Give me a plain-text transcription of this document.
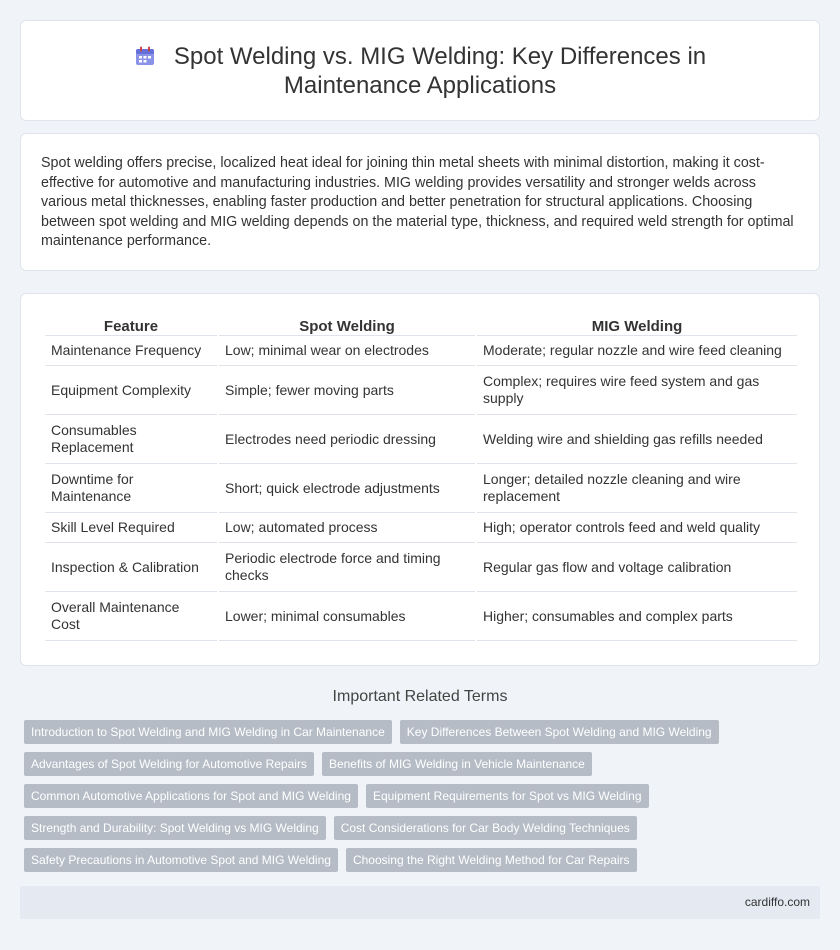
Spot Welding vs. MIG Welding: Key Differences in Maintenance Applications

Spot welding offers precise, localized heat ideal for joining thin metal sheets with minimal distortion, making it cost-effective for automotive and manufacturing industries. MIG welding provides versatility and stronger welds across various metal thicknesses, enabling faster production and better penetration for structural applications. Choosing between spot welding and MIG welding depends on the material type, thickness, and required weld strength for optimal maintenance performance.

Feature	Spot Welding	MIG Welding
Maintenance Frequency	Low; minimal wear on electrodes	Moderate; regular nozzle and wire feed cleaning
Equipment Complexity	Simple; fewer moving parts	Complex; requires wire feed system and gas supply
Consumables Replacement	Electrodes need periodic dressing	Welding wire and shielding gas refills needed
Downtime for Maintenance	Short; quick electrode adjustments	Longer; detailed nozzle cleaning and wire replacement
Skill Level Required	Low; automated process	High; operator controls feed and weld quality
Inspection & Calibration	Periodic electrode force and timing checks	Regular gas flow and voltage calibration
Overall Maintenance Cost	Lower; minimal consumables	Higher; consumables and complex parts
Important Related Terms
Introduction to Spot Welding and MIG Welding in Car Maintenance	Key Differences Between Spot Welding and MIG Welding
Advantages of Spot Welding for Automotive Repairs	Benefits of MIG Welding in Vehicle Maintenance
Common Automotive Applications for Spot and MIG Welding	Equipment Requirements for Spot vs MIG Welding
Strength and Durability: Spot Welding vs MIG Welding	Cost Considerations for Car Body Welding Techniques
Safety Precautions in Automotive Spot and MIG Welding	Choosing the Right Welding Method for Car Repairs
cardiffo.com
